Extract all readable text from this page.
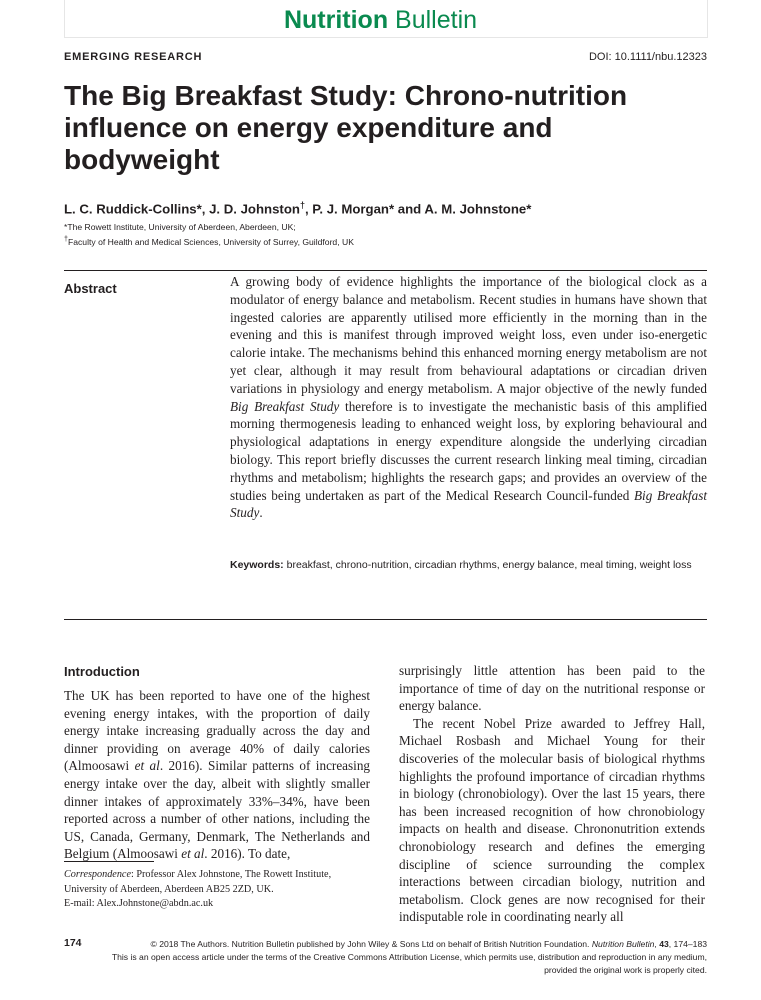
Nutrition Bulletin
EMERGING RESEARCH	DOI: 10.1111/nbu.12323
The Big Breakfast Study: Chrono-nutrition
influence on energy expenditure and
bodyweight
L. C. Ruddick-Collins*, J. D. Johnston†, P. J. Morgan* and A. M. Johnstone*
*The Rowett Institute, University of Aberdeen, Aberdeen, UK;
†Faculty of Health and Medical Sciences, University of Surrey, Guildford, UK
Abstract	A growing body of evidence highlights the importance of the biological clock as a modulator of energy balance and metabolism. Recent studies in humans have shown that ingested calories are apparently utilised more efficiently in the morning than in the evening and this is manifest through improved weight loss, even under iso-energetic calorie intake. The mechanisms behind this enhanced morning energy metabolism are not yet clear, although it may result from behavioural adaptations or circadian driven variations in physiology and energy metabolism. A major objective of the newly funded Big Breakfast Study therefore is to investigate the mechanistic basis of this amplified morning thermogenesis leading to enhanced weight loss, by exploring behavioural and physiological adaptations in energy expenditure alongside the underlying circadian biology. This report briefly discusses the current research linking meal timing, circadian rhythms and metabolism; highlights the research gaps; and provides an overview of the studies being undertaken as part of the Medical Research Council-funded Big Breakfast Study.
Keywords: breakfast, chrono-nutrition, circadian rhythms, energy balance, meal timing, weight loss
Introduction

The UK has been reported to have one of the highest evening energy intakes, with the proportion of daily energy intake increasing gradually across the day and dinner providing on average 40% of daily calories (Almoosawi et al. 2016). Similar patterns of increasing energy intake over the day, albeit with slightly smaller dinner intakes of approximately 33%–34%, have been reported across a number of other nations, including the US, Canada, Germany, Denmark, The Netherlands and Belgium (Almoosawi et al. 2016). To date,

surprisingly little attention has been paid to the importance of time of day on the nutritional response or energy balance.

The recent Nobel Prize awarded to Jeffrey Hall, Michael Rosbash and Michael Young for their discoveries of the molecular basis of biological rhythms highlights the profound importance of circadian rhythms in biology (chronobiology). Over the last 15 years, there has been increased recognition of how chronobiology impacts on health and disease. Chrononutrition extends chronobiology research and defines the emerging discipline of science surrounding the complex interactions between circadian biology, nutrition and metabolism. Clock genes are now recognised for their indisputable role in coordinating nearly all

Correspondence: Professor Alex Johnstone, The Rowett Institute,
University of Aberdeen, Aberdeen AB25 2ZD, UK.
E-mail: Alex.Johnstone@abdn.ac.uk
174	© 2018 The Authors. Nutrition Bulletin published by John Wiley & Sons Ltd on behalf of British Nutrition Foundation. Nutrition Bulletin, 43, 174–183
This is an open access article under the terms of the Creative Commons Attribution License, which permits use, distribution and reproduction in any medium,
provided the original work is properly cited.
